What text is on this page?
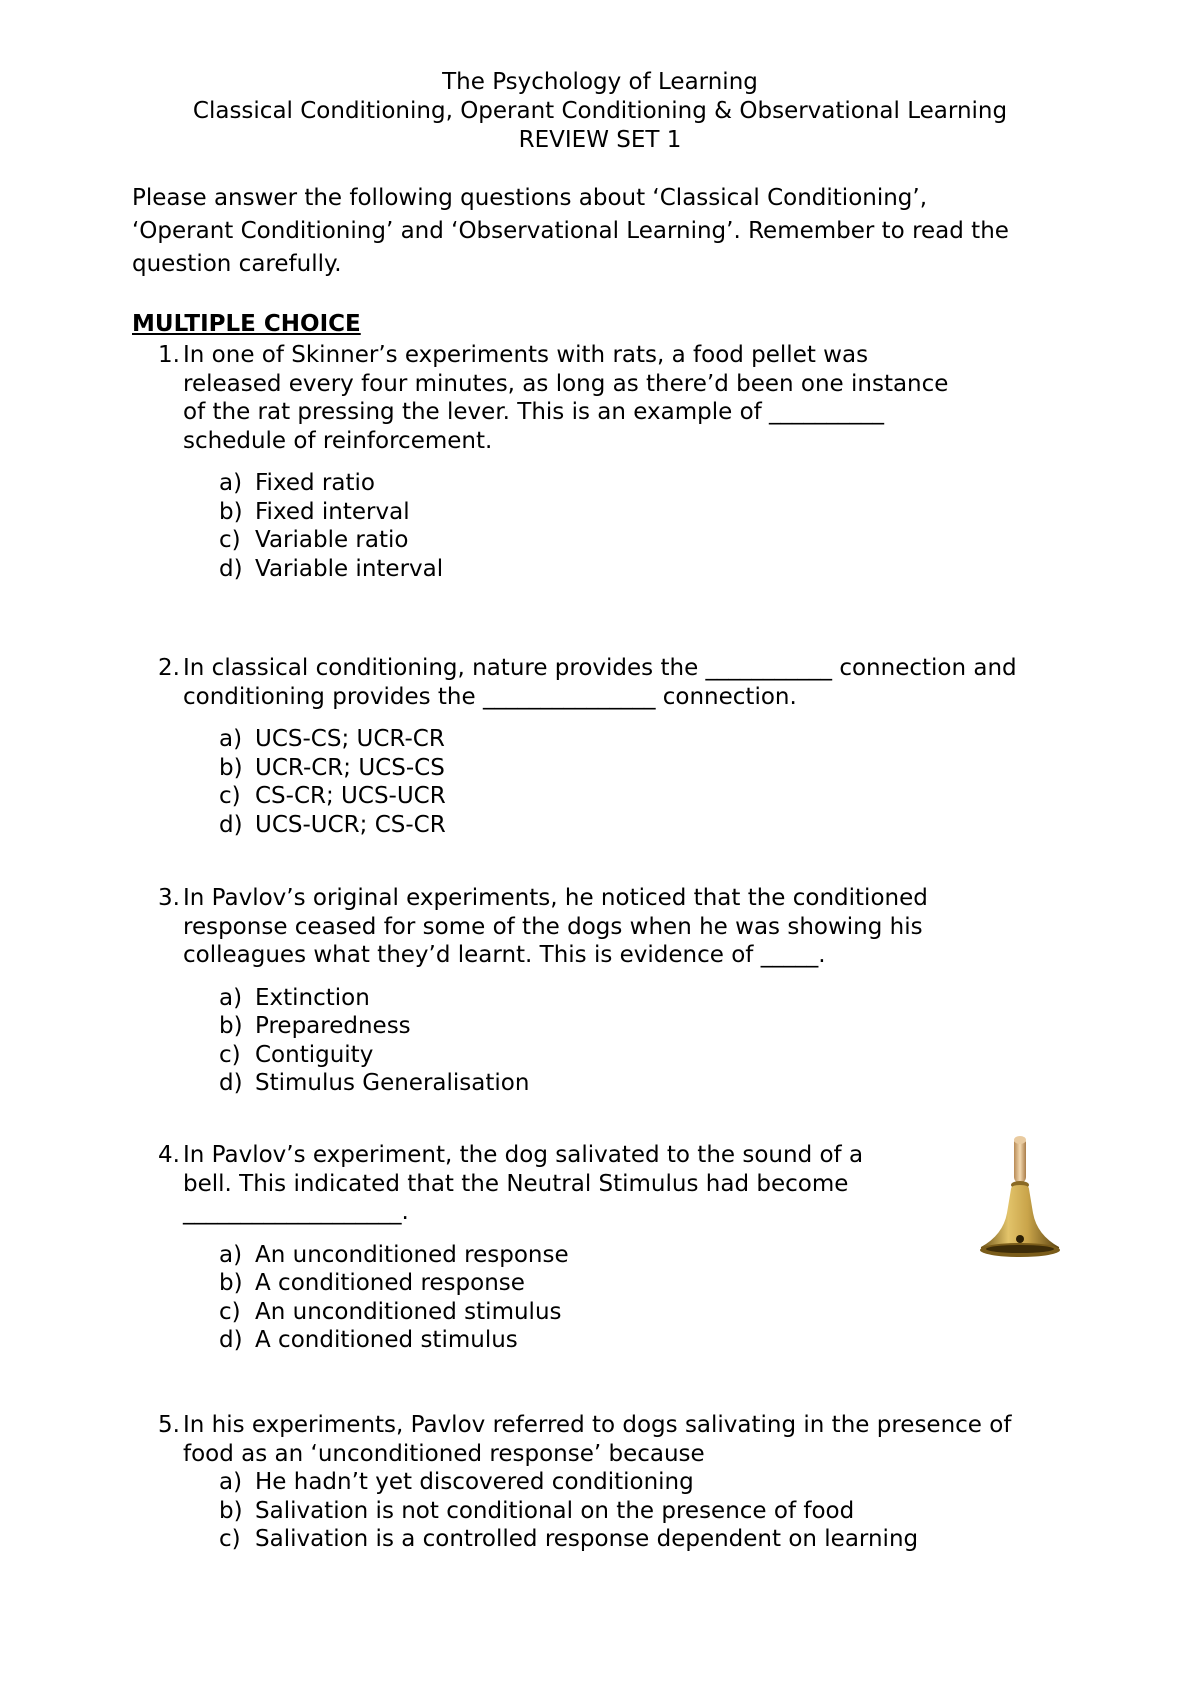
The Psychology of Learning
Classical Conditioning, Operant Conditioning & Observational Learning
REVIEW SET 1
Please answer the following questions about ‘Classical Conditioning’, ‘Operant Conditioning’ and ‘Observational Learning’. Remember to read the question carefully.
MULTIPLE CHOICE
1. In one of Skinner’s experiments with rats, a food pellet was released every four minutes, as long as there’d been one instance of the rat pressing the lever. This is an example of __________ schedule of reinforcement.
a) Fixed ratio
b) Fixed interval
c) Variable ratio
d) Variable interval
2. In classical conditioning, nature provides the ___________ connection and conditioning provides the _______________ connection.
a) UCS-CS; UCR-CR
b) UCR-CR; UCS-CS
c) CS-CR; UCS-UCR
d) UCS-UCR; CS-CR
3. In Pavlov’s original experiments, he noticed that the conditioned response ceased for some of the dogs when he was showing his colleagues what they’d learnt. This is evidence of _____.
a) Extinction
b) Preparedness
c) Contiguity
d) Stimulus Generalisation
4. In Pavlov’s experiment, the dog salivated to the sound of a bell. This indicated that the Neutral Stimulus had become ___________________.
a) An unconditioned response
b) A conditioned response
c) An unconditioned stimulus
d) A conditioned stimulus
5. In his experiments, Pavlov referred to dogs salivating in the presence of food as an ‘unconditioned response’ because
a) He hadn’t yet discovered conditioning
b) Salivation is not conditional on the presence of food
c) Salivation is a controlled response dependent on learning
